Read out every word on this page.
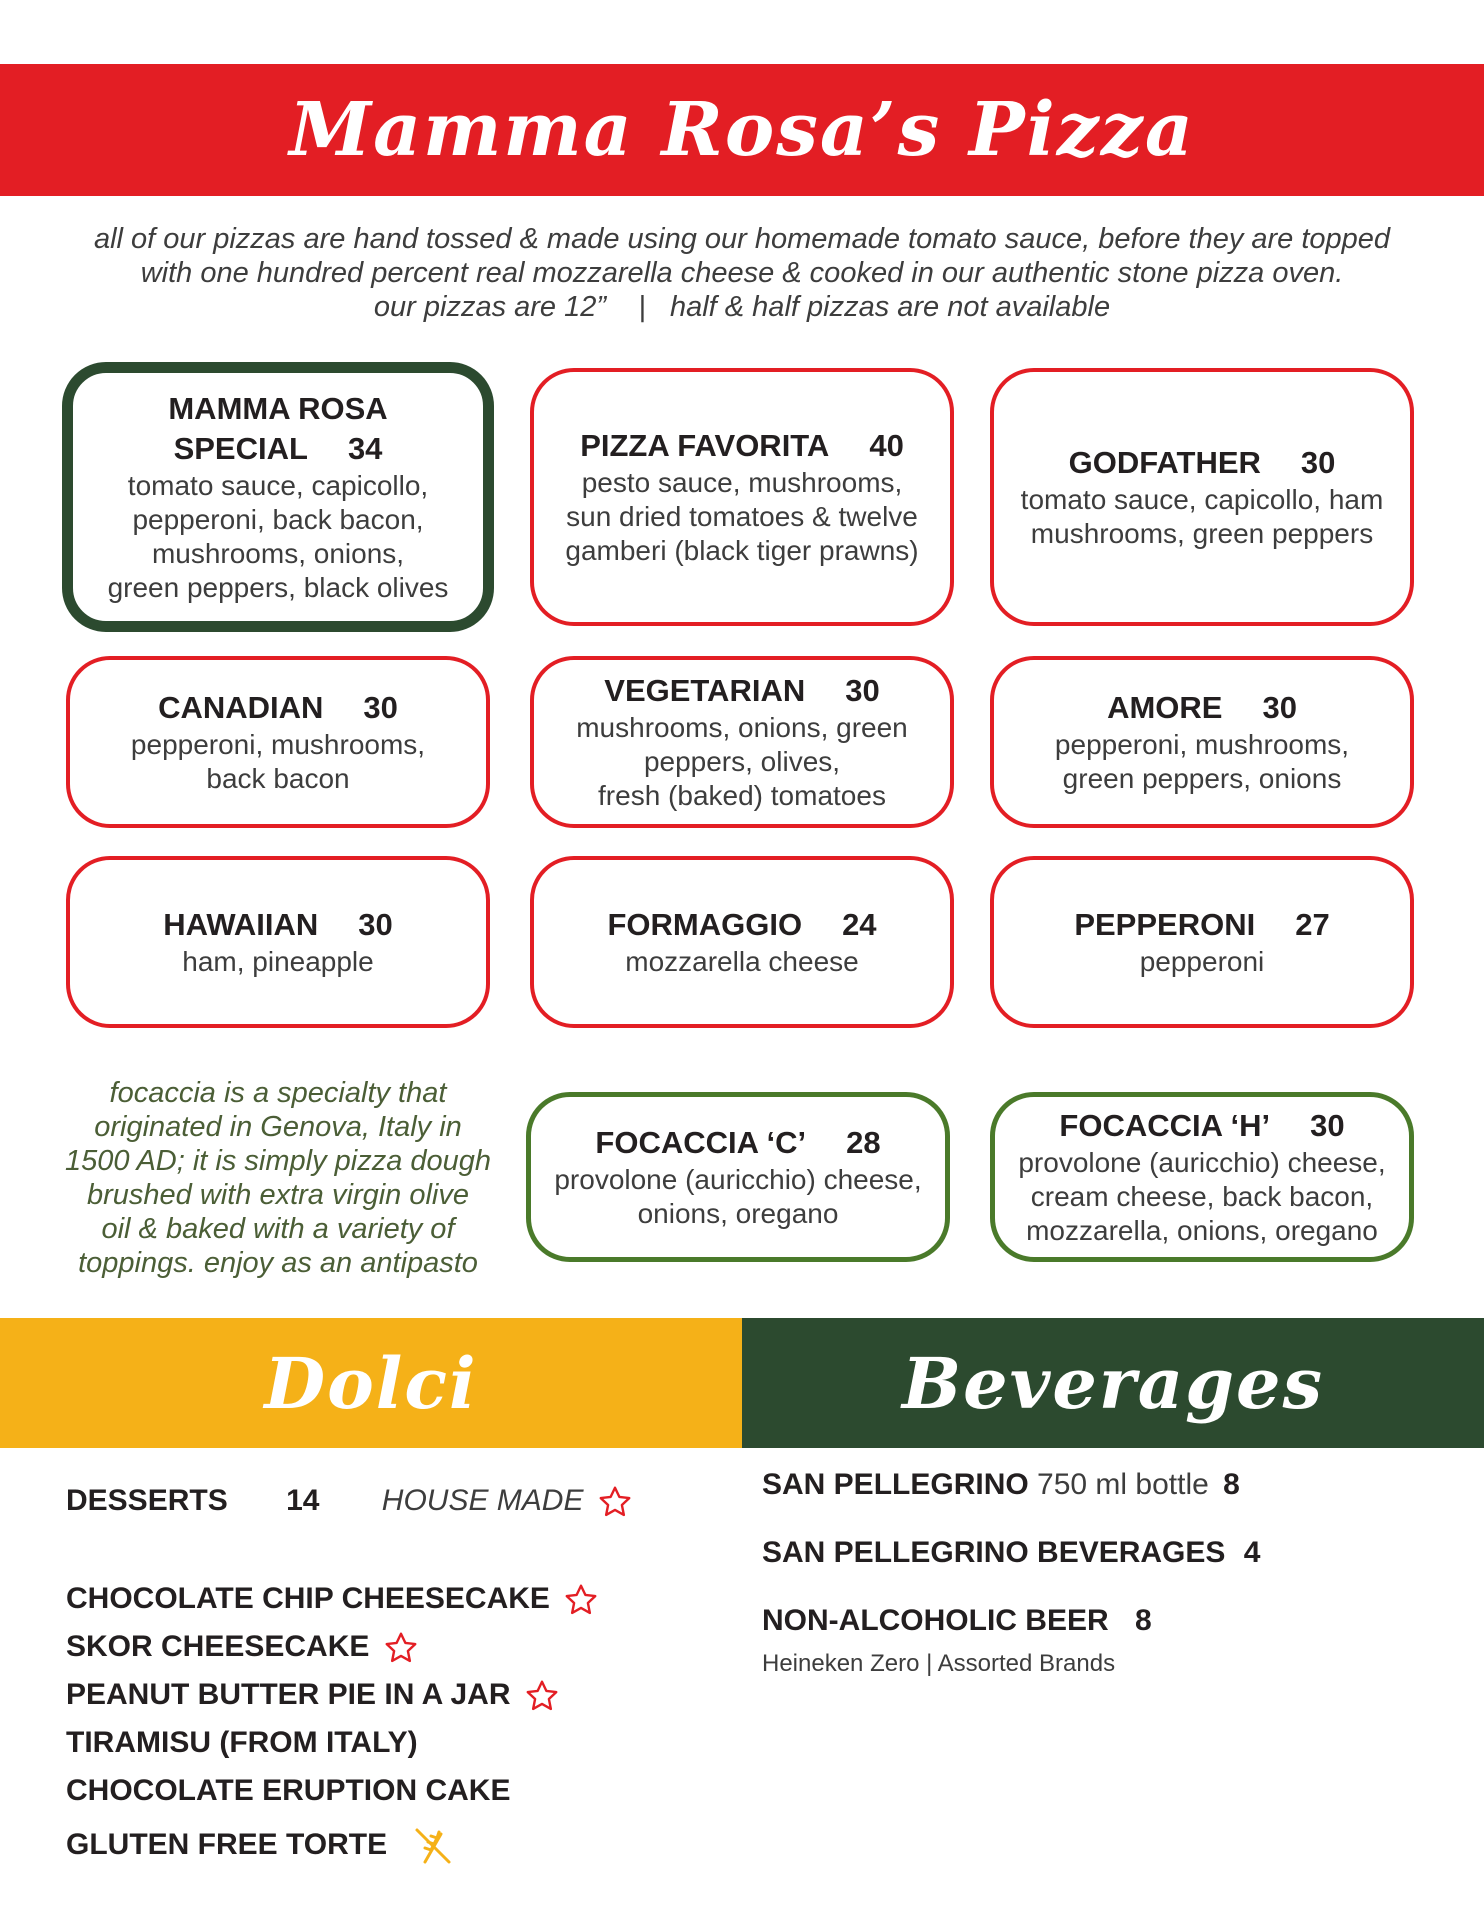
Mamma Rosa’s Pizza
all of our pizzas are hand tossed & made using our homemade tomato sauce, before they are topped
with one hundred percent real mozzarella cheese & cooked in our authentic stone pizza oven.
our pizzas are 12”    |   half & half pizzas are not available
MAMMA ROSA
SPECIAL 34
tomato sauce, capicollo,
pepperoni, back bacon,
mushrooms, onions,
green peppers, black olives
PIZZA FAVORITA 40
pesto sauce, mushrooms,
sun dried tomatoes & twelve
gamberi (black tiger prawns)
GODFATHER 30
tomato sauce, capicollo, ham
mushrooms, green peppers
CANADIAN 30
pepperoni, mushrooms,
back bacon
VEGETARIAN 30
mushrooms, onions, green
peppers, olives,
fresh (baked) tomatoes
AMORE 30
pepperoni, mushrooms,
green peppers, onions
HAWAIIAN 30
ham, pineapple
FORMAGGIO 24
mozzarella cheese
PEPPERONI 27
pepperoni
focaccia is a specialty that
originated in Genova, Italy in
1500 AD; it is simply pizza dough
brushed with extra virgin olive
oil & baked with a variety of
toppings. enjoy as an antipasto
FOCACCIA ‘C’ 28
provolone (auricchio) cheese,
onions, oregano
FOCACCIA ‘H’ 30
provolone (auricchio) cheese,
cream cheese, back bacon,
mozzarella, onions, oregano
Dolci	Beverages
DESSERTS 14 HOUSE MADE
CHOCOLATE CHIP CHEESECAKE
SKOR CHEESECAKE
PEANUT BUTTER PIE IN A JAR
TIRAMISU (FROM ITALY)
CHOCOLATE ERUPTION CAKE
GLUTEN FREE TORTE
SAN PELLEGRINO 750 ml bottle 8
SAN PELLEGRINO BEVERAGES 4
NON-ALCOHOLIC BEER 8
Heineken Zero | Assorted Brands
